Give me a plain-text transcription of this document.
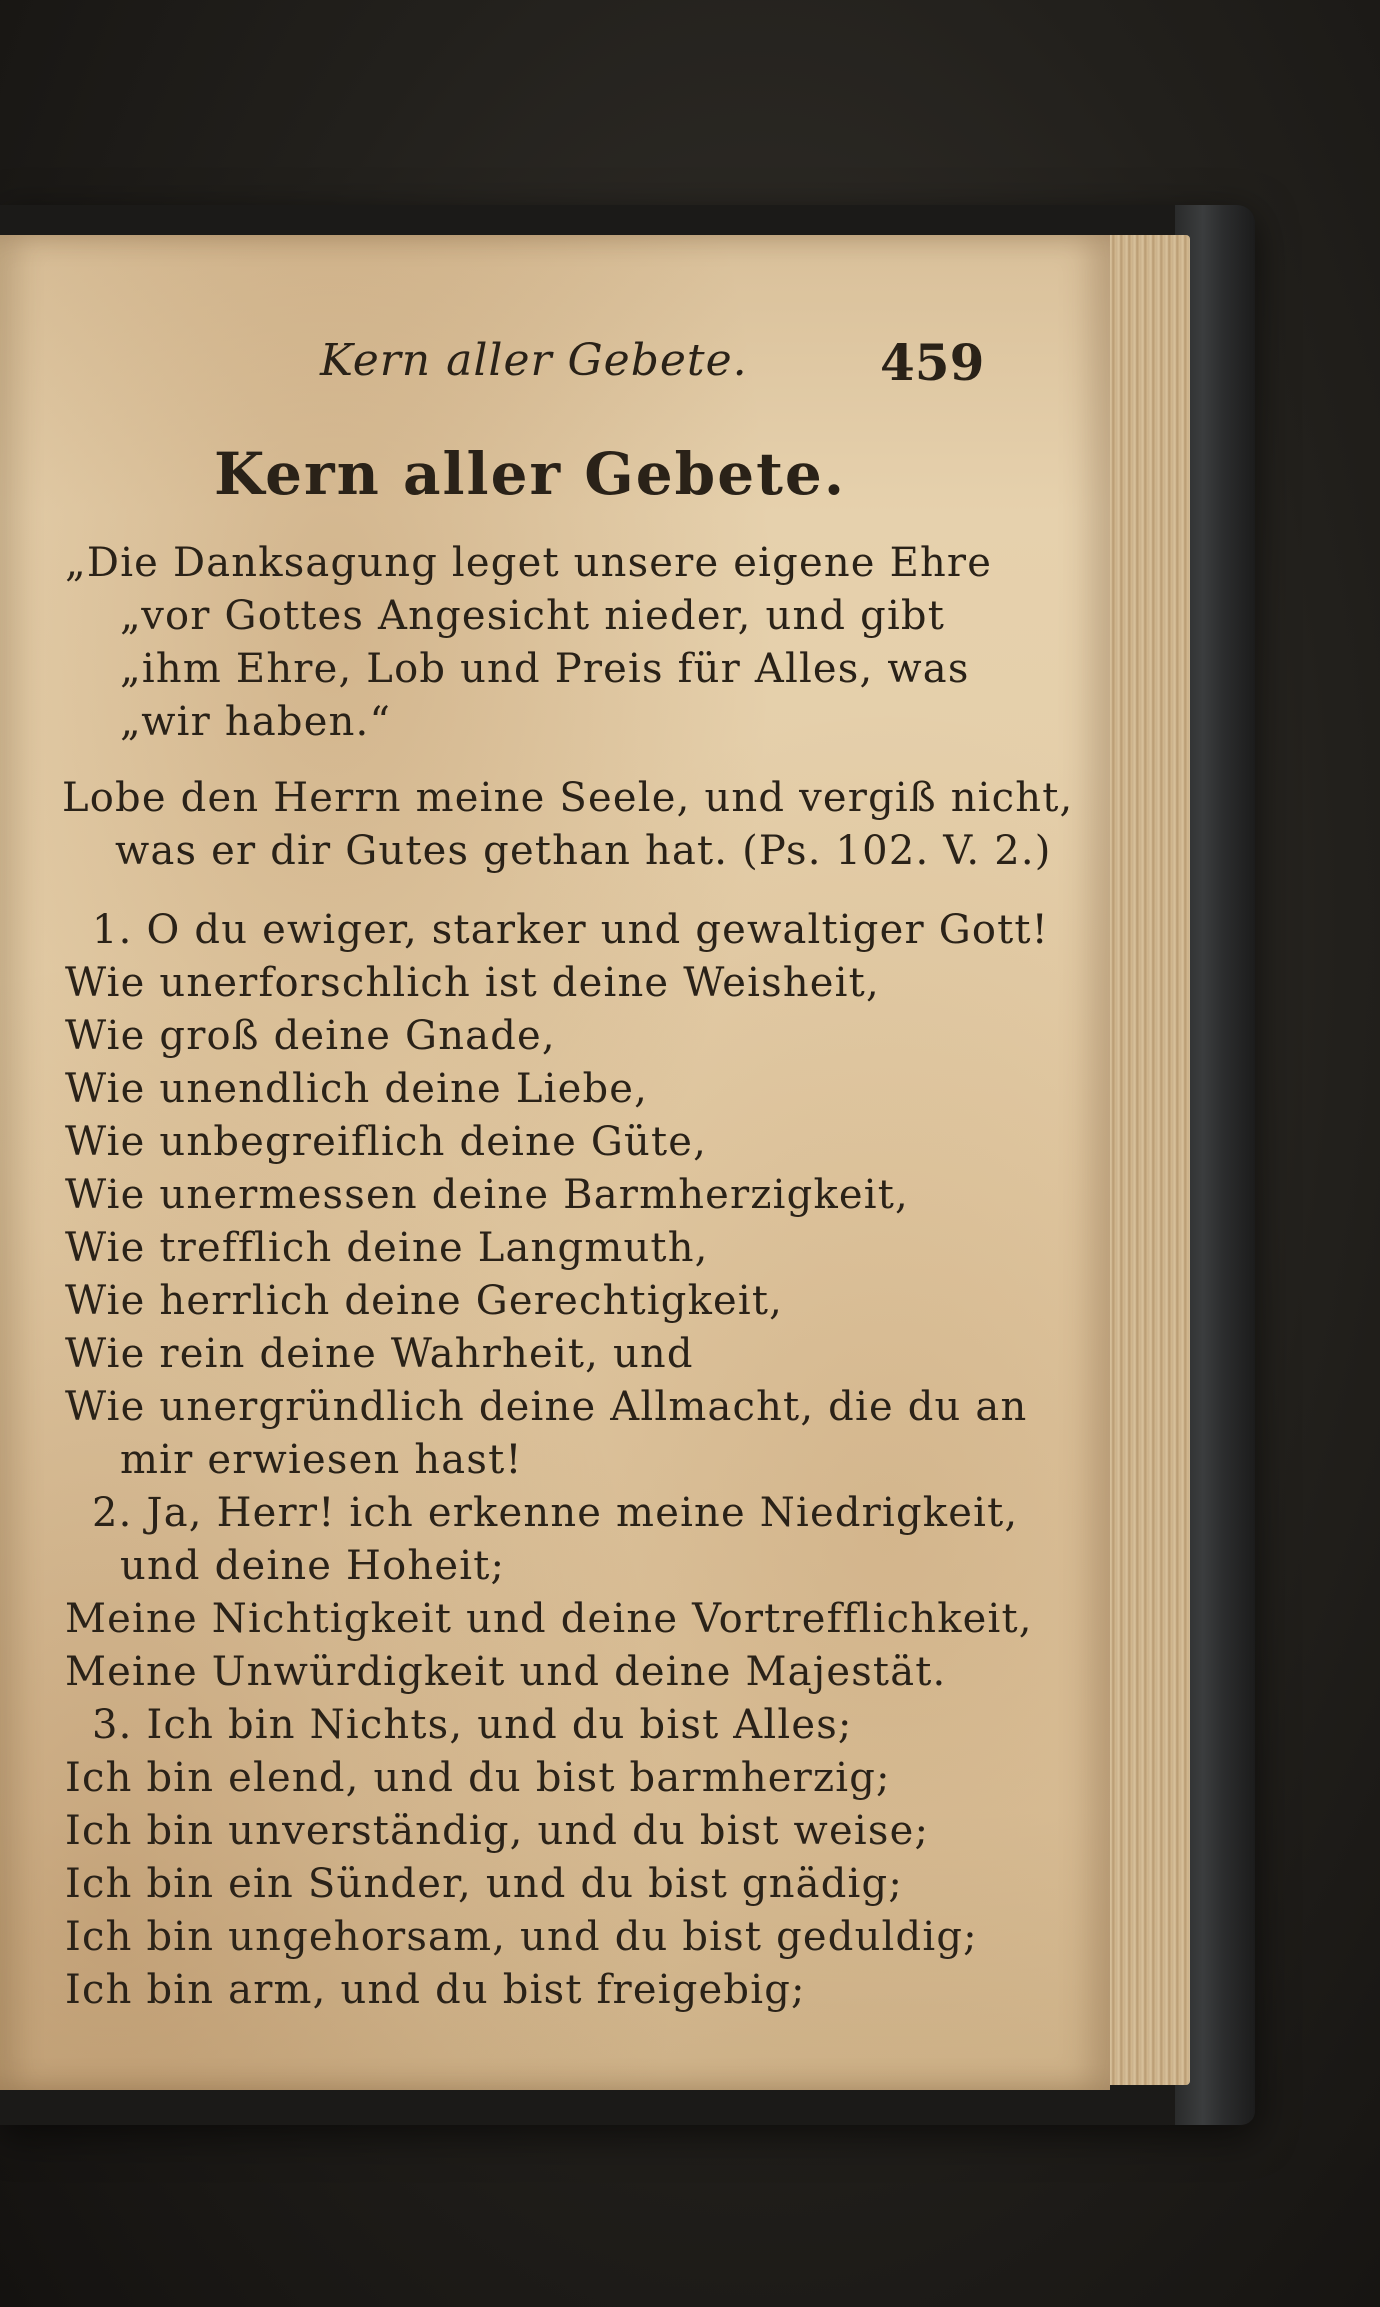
Kern aller Gebete.	459
Kern aller Gebete.
„Die Danksagung leget unsere eigene Ehre
„vor Gottes Angesicht nieder, und gibt
„ihm Ehre, Lob und Preis für Alles, was
„wir haben.“
Lobe den Herrn meine Seele, und vergiß nicht,
was er dir Gutes gethan hat. (Ps. 102. V. 2.)
1. O du ewiger, starker und gewaltiger Gott!
Wie unerforschlich ist deine Weisheit,
Wie groß deine Gnade,
Wie unendlich deine Liebe,
Wie unbegreiflich deine Güte,
Wie unermessen deine Barmherzigkeit,
Wie trefflich deine Langmuth,
Wie herrlich deine Gerechtigkeit,
Wie rein deine Wahrheit, und
Wie unergründlich deine Allmacht, die du an
mir erwiesen hast!
2. Ja, Herr! ich erkenne meine Niedrigkeit,
und deine Hoheit;
Meine Nichtigkeit und deine Vortrefflichkeit,
Meine Unwürdigkeit und deine Majestät.
3. Ich bin Nichts, und du bist Alles;
Ich bin elend, und du bist barmherzig;
Ich bin unverständig, und du bist weise;
Ich bin ein Sünder, und du bist gnädig;
Ich bin ungehorsam, und du bist geduldig;
Ich bin arm, und du bist freigebig;
